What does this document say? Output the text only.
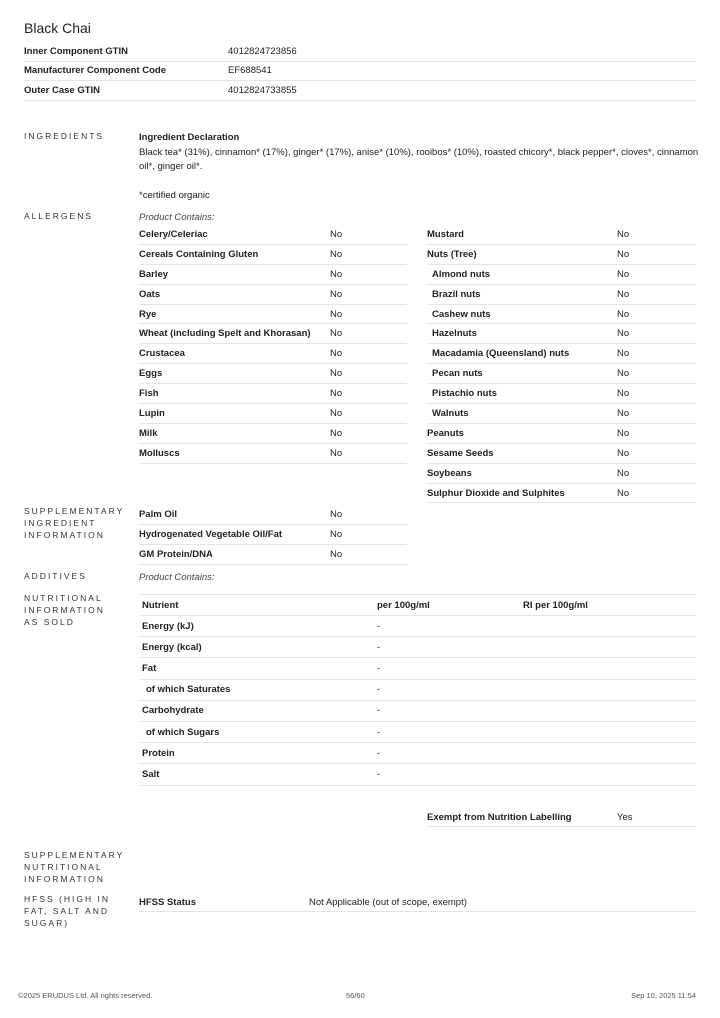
Black Chai
Inner Component GTIN	4012824723856
Manufacturer Component Code	EF688541
Outer Case GTIN	4012824733855
INGREDIENTS
ALLERGENS
SUPPLEMENTARY INGREDIENT INFORMATION
ADDITIVES
NUTRITIONAL INFORMATION AS SOLD
SUPPLEMENTARY NUTRITIONAL INFORMATION
HFSS (HIGH IN FAT, SALT AND SUGAR)
Ingredient Declaration
Black tea* (31%), cinnamon* (17%), ginger* (17%), anise* (10%), rooibos* (10%), roasted chicory*, black pepper*, cloves*, cinnamon oil*, ginger oil*.
*certified organic
Product Contains:
Celery/Celeriac	No
Cereals Containing Gluten	No
Barley	No
Oats	No
Rye	No
Wheat (including Spelt and Khorasan)	No
Crustacea	No
Eggs	No
Fish	No
Lupin	No
Milk	No
Molluscs	No
Mustard	No
Nuts (Tree)	No
Almond nuts	No
Brazil nuts	No
Cashew nuts	No
Hazelnuts	No
Macadamia (Queensland) nuts	No
Pecan nuts	No
Pistachio nuts	No
Walnuts	No
Peanuts	No
Sesame Seeds	No
Soybeans	No
Sulphur Dioxide and Sulphites	No
Palm Oil	No
Hydrogenated Vegetable Oil/Fat	No
GM Protein/DNA	No
Product Contains:
Nutrient	per 100g/ml	RI per 100g/ml
Energy (kJ)	-
Energy (kcal)	-
Fat	-
of which Saturates	-
Carbohydrate	-
of which Sugars	-
Protein	-
Salt	-
Exempt from Nutrition Labelling	Yes
HFSS Status	Not Applicable (out of scope, exempt)
©2025 ERUDUS Ltd. All rights reserved.	56/60	Sep 10, 2025 11:54
